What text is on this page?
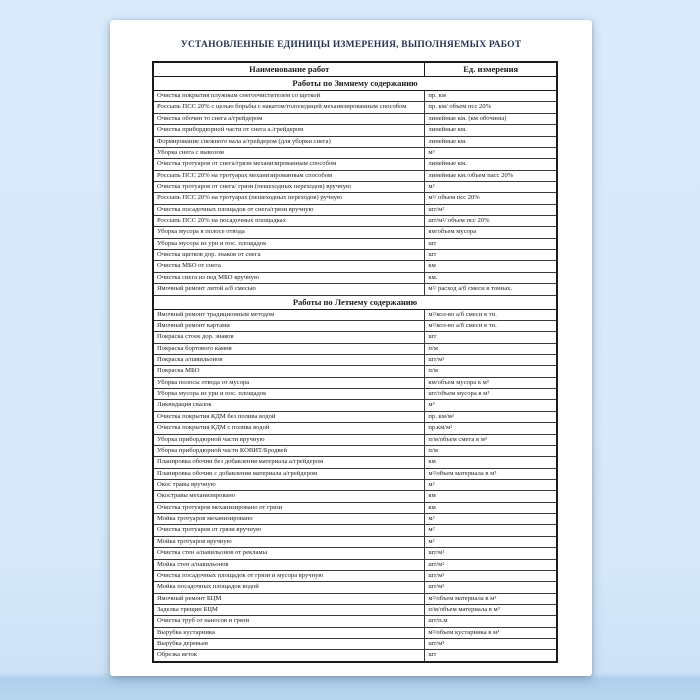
УСТАНОВЛЕННЫЕ ЕДИНИЦЫ ИЗМЕРЕНИЯ, ВЫПОЛНЯЕМЫХ РАБОТ
Наименование работ	Ед. измерения
Работы по Зимнему содержанию	
Очистка покрытия плужным снегоочистителем со щеткой	пр. км
Россыпь ПСС 20% с целью борьбы с накатом/гололедицей механизированным способом	пр. км/ объем псс 20%
Очистка обочин то снега а/грейдером	линейные км. (км обочины)
Очистка прибордюрной части от снега а./грейдером	линейные км.
Формирование снежного вала а/грейдером (для уборки снега)	линейные км.
Уборка снега с вывозом	м³
Очистка тротуаров от снега/грязи механизированным способом	линейные км.
Россыпь ПСС 20% на тротуарах механизированным способом	линейные км./объем пасс 20%
Очистка тротуаров от снега/ грязи (пешеходных переходов) вручную	м²
Россыпь ПСС 20% на тротуарах (пешеходных переходов) ручную	м²/ объем псс 20%
Очистка посадочных площадок от снега/грязи вручную	шт/м²
Россыпь ПСС 20% на посадочных площадках	шт/м²/ объем псс 20%
Уборка мусора в полосе отвода	км/объем мусора
Уборка мусора из урн и пос. площадок	шт
Очистка щитков дор. знаков от снега	шт
Очистка МБО от снега	км
Очистка снега из под МБО вручную	км.
Ямочный ремонт литой а/б смесью	м²/ расход а/б смеси в тоннах.
Работы по Летнему содержанию	
Ямочный ремонт традиционным методом	м²/кол-во а/б смеси в тн.
Ямочный ремонт картами	м²/кол-во а/б смеси в тн.
Покраска стоек дор. знаков	шт
Покраска бортового камня	п/м
Покраска а/павильонов	шт/м²
Покраска МБО	п/м
Уборка полосы отвода от мусора	км/объем мусора в м³
Уборка мусора из урн и пос. площадок	шт/объем мусора в м³
Ликвидация свалок	м³
Очистка покрытия КДМ без полива водой	пр. км/м²
Очистка покрытия КДМ с полива водой	пр.км/м²
Уборка прибордюрной части вручную	п/м/объем смета в м³
Уборка прибордюрной части КОВИТ/Бродвей	п/м
Планировка обочин без добавления материала а/грейдером	км
Планировка обочин с добавления материала а/грейдером	м²/объем материала в м³
Окос травы вручную	м²
Окостравы механизировано	км
Очистка тротуаров механизировано от грязи	км
Мойка тротуаров механизировано	м²
Очистка тротуаров от грязи вручную	м²
Мойка тротуаров вручную	м²
Очистка стен а/павильонов от рекламы	шт/м²
Мойка стен а/павильонов	шт/м²
Очистка посадочных площадок от грязи и мусора вручную	шт/м²
Мойка посадочных площадок водой	шт/м²
Ямочный ремонт БЦМ	м²/объем материала в м³
Заделка трещин БЦМ	п/м/объем материала в м³
Очистка труб от наносов и грязи	шт/п.м
Вырубка кустарника	м²/объем кустарника в м³
Вырубка деревьев	шт/м³
Обрезка веток	шт
